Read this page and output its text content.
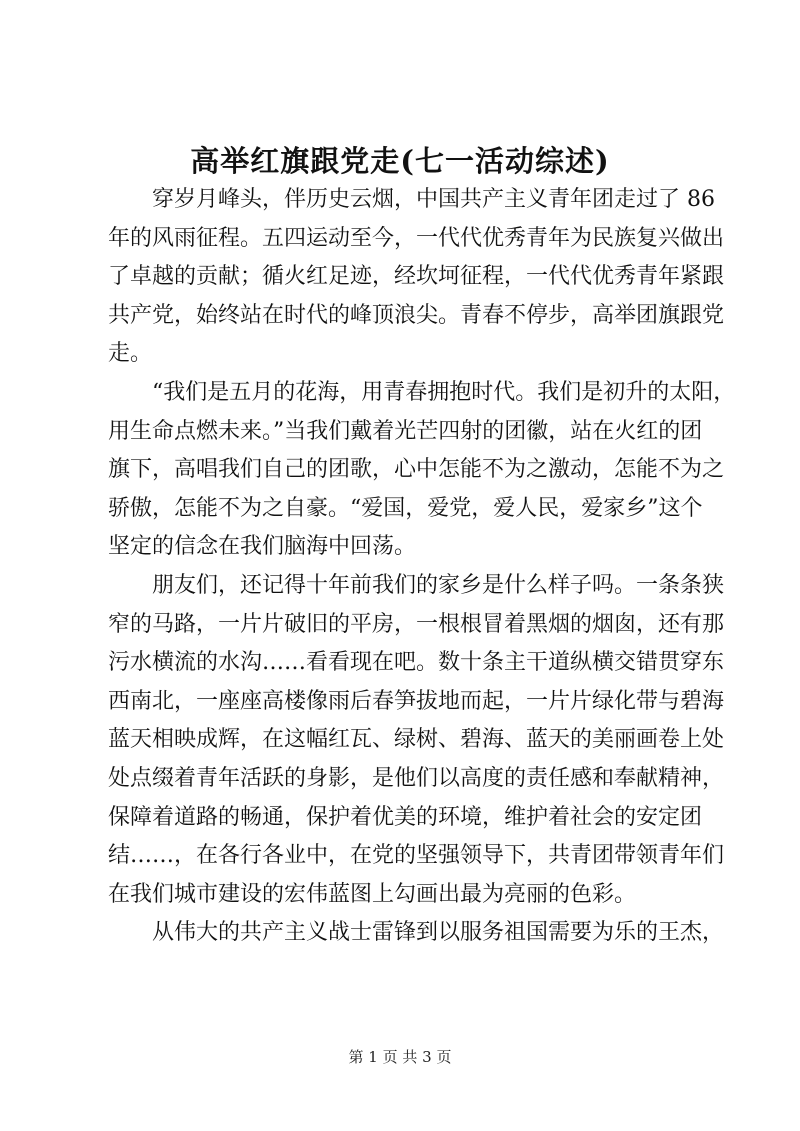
高举红旗跟党走(七一活动综述)
　　穿岁月峰头，伴历史云烟，中国共产主义青年团走过了 86
年的风雨征程。五四运动至今，一代代优秀青年为民族复兴做出
了卓越的贡献；循火红足迹，经坎坷征程，一代代优秀青年紧跟
共产党，始终站在时代的峰顶浪尖。青春不停步，高举团旗跟党
走。
　　“我们是五月的花海，用青春拥抱时代。我们是初升的太阳，
用生命点燃未来。”当我们戴着光芒四射的团徽，站在火红的团
旗下，高唱我们自己的团歌，心中怎能不为之激动，怎能不为之
骄傲，怎能不为之自豪。“爱国，爱党，爱人民，爱家乡”这个
坚定的信念在我们脑海中回荡。
　　朋友们，还记得十年前我们的家乡是什么样子吗。一条条狭
窄的马路，一片片破旧的平房，一根根冒着黑烟的烟囱，还有那
污水横流的水沟……看看现在吧。数十条主干道纵横交错贯穿东
西南北，一座座高楼像雨后春笋拔地而起，一片片绿化带与碧海
蓝天相映成辉，在这幅红瓦、绿树、碧海、蓝天的美丽画卷上处
处点缀着青年活跃的身影，是他们以高度的责任感和奉献精神，
保障着道路的畅通，保护着优美的环境，维护着社会的安定团
结……，在各行各业中，在党的坚强领导下，共青团带领青年们
在我们城市建设的宏伟蓝图上勾画出最为亮丽的色彩。
　　从伟大的共产主义战士雷锋到以服务祖国需要为乐的王杰，
第 1 页 共 3 页
